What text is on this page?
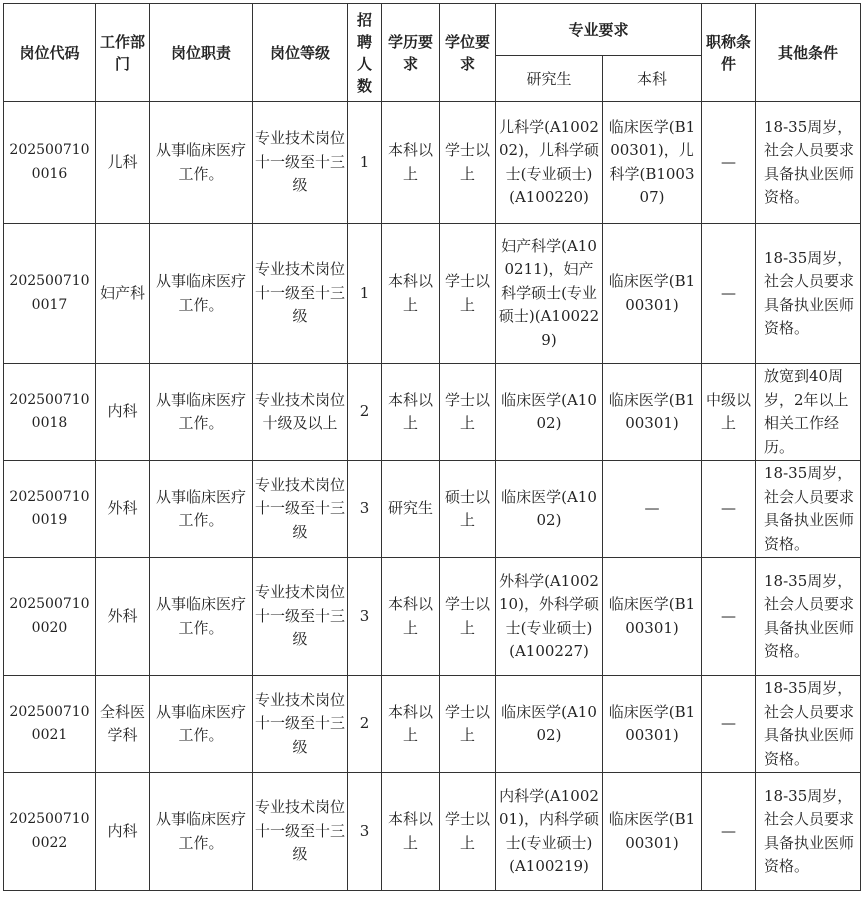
岗位代码	工作部门	岗位职责	岗位等级	招聘人数	学历要求	学位要求	专业要求		职称条件	其他条件
							研究生	本科		
2025007100016	儿科	从事临床医疗工作。	专业技术岗位十一级至十三级	1	本科以上	学士以上	儿科学(A100202)，儿科学硕士(专业硕士)(A100220)	临床医学(B100301)，儿科学(B100307)	—	18-35周岁，社会人员要求具备执业医师资格。
2025007100017	妇产科	从事临床医疗工作。	专业技术岗位十一级至十三级	1	本科以上	学士以上	妇产科学(A100211)，妇产科学硕士(专业硕士)(A100229)	临床医学(B100301)	—	18-35周岁，社会人员要求具备执业医师资格。
2025007100018	内科	从事临床医疗工作。	专业技术岗位十级及以上	2	本科以上	学士以上	临床医学(A1002)	临床医学(B100301)	中级以上	放宽到40周岁，2年以上相关工作经历。
2025007100019	外科	从事临床医疗工作。	专业技术岗位十一级至十三级	3	研究生	硕士以上	临床医学(A1002)	—	—	18-35周岁，社会人员要求具备执业医师资格。
2025007100020	外科	从事临床医疗工作。	专业技术岗位十一级至十三级	3	本科以上	学士以上	外科学(A100210)，外科学硕士(专业硕士)(A100227)	临床医学(B100301)	—	18-35周岁，社会人员要求具备执业医师资格。
2025007100021	全科医学科	从事临床医疗工作。	专业技术岗位十一级至十三级	2	本科以上	学士以上	临床医学(A1002)	临床医学(B100301)	—	18-35周岁，社会人员要求具备执业医师资格。
2025007100022	内科	从事临床医疗工作。	专业技术岗位十一级至十三级	3	本科以上	学士以上	内科学(A100201)，内科学硕士(专业硕士)(A100219)	临床医学(B100301)	—	18-35周岁，社会人员要求具备执业医师资格。
